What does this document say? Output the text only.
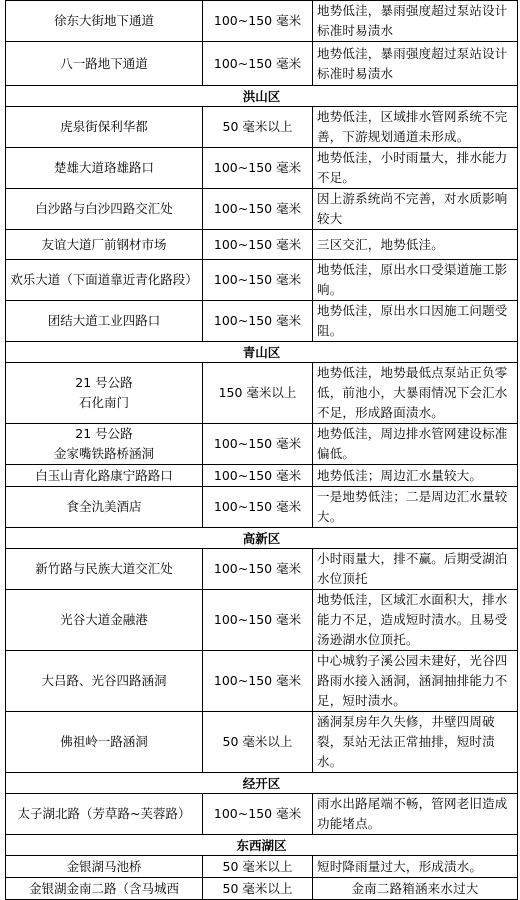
徐东大街地下通道	100~150 毫米	地势低洼，暴雨强度超过泵站设计标准时易渍水
八一路地下通道	100~150 毫米	地势低洼，暴雨强度超过泵站设计标准时易渍水
洪山区		
虎泉街保利华都	50 毫米以上	地势低洼，区域排水管网系统不完善，下游规划通道未形成。
楚雄大道珞雄路口	100~150 毫米	地势低洼，小时雨量大，排水能力不足。
白沙路与白沙四路交汇处	100~150 毫米	因上游系统尚不完善，对水质影响较大
友谊大道厂前钢材市场	100~150 毫米	三区交汇，地势低洼。
欢乐大道（下面道靠近青化路段）	100~150 毫米	地势低洼，原出水口受渠道施工影响。
团结大道工业四路口	100~150 毫米	地势低洼，原出水口因施工问题受阻。
青山区		
21 号公路
石化南门	150 毫米以上	地势低洼，地势最低点泵站正负零低，前池小，大暴雨情况下会汇水不足，形成路面渍水。
21 号公路
金家嘴铁路桥涵洞	100~150 毫米	地势低洼，周边排水管网建设标准偏低。
白玉山青化路康宁路路口	100~150 毫米	地势低洼；周边汇水量较大。
食全氿美酒店	100~150 毫米	一是地势低洼；二是周边汇水量较大。
高新区		
新竹路与民族大道交汇处	100~150 毫米	小时雨量大，排不赢。后期受湖泊水位顶托
光谷大道金融港	100~150 毫米	地势低洼，区域汇水面积大，排水能力不足，造成短时渍水。且易受汤逊湖水位顶托。
大吕路、光谷四路涵洞	100~150 毫米	中心城豹子溪公园未建好，光谷四路雨水接入涵洞，涵洞抽排能力不足，短时渍水。
佛祖岭一路涵洞	50 毫米以上	涵洞泵房年久失修，井壁四周破裂，泵站无法正常抽排，短时渍水。
经开区		
太子湖北路（芳草路~芙蓉路）	100~150 毫米	雨水出路尾端不畅，管网老旧造成功能堵点。
东西湖区		
金银湖马池桥	50 毫米以上	短时降雨量过大，形成渍水。
金银湖金南二路（含马城西	50 毫米以上	金南二路箱涵来水过大
